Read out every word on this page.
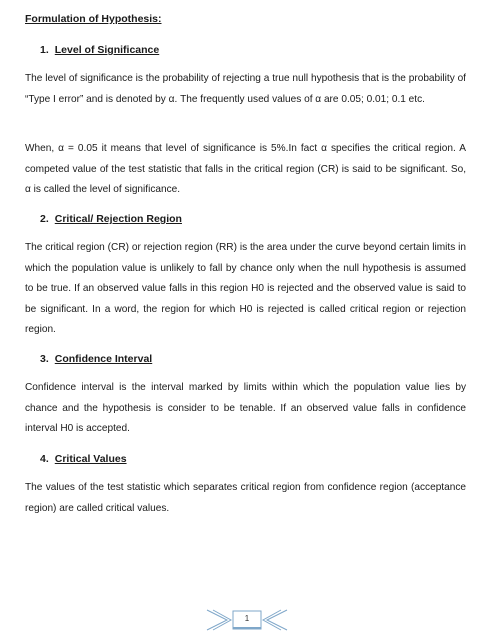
Formulation of Hypothesis:

1. Level of Significance

The level of significance is the probability of rejecting a true null hypothesis that is the probability of “Type I error” and is denoted by α. The frequently used values of α are 0.05; 0.01; 0.1 etc.

When, α = 0.05 it means that level of significance is 5%.In fact α specifies the critical region. A competed value of the test statistic that falls in the critical region (CR) is said to be significant. So, α is called the level of significance.

2. Critical/ Rejection Region

The critical region (CR) or rejection region (RR) is the area under the curve beyond certain limits in which the population value is unlikely to fall by chance only when the null hypothesis is assumed to be true. If an observed value falls in this region H0 is rejected and the observed value is said to be significant. In a word, the region for which H0 is rejected is called critical region or rejection region.

3. Confidence Interval

Confidence interval is the interval marked by limits within which the population value lies by chance and the hypothesis is consider to be tenable. If an observed value falls in confidence interval H0 is accepted.

4. Critical Values

The values of the test statistic which separates critical region from confidence region (acceptance region) are called critical values.

1
